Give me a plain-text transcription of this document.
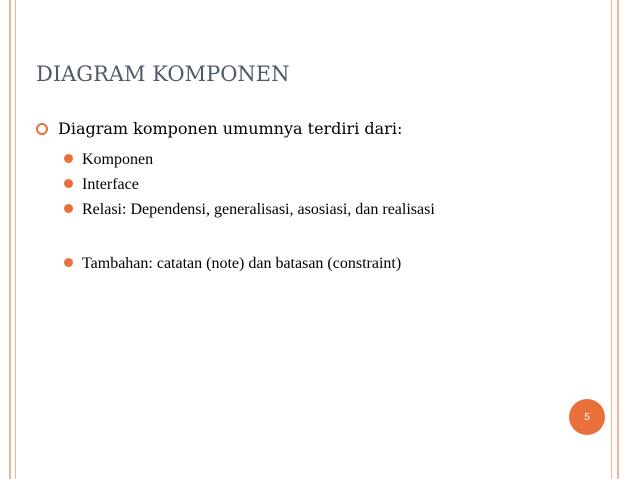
DIAGRAM KOMPONEN
Diagram komponen umumnya terdiri dari:
Komponen
Interface
Relasi: Dependensi, generalisasi, asosiasi, dan realisasi
Tambahan: catatan (note) dan batasan (constraint)
5
